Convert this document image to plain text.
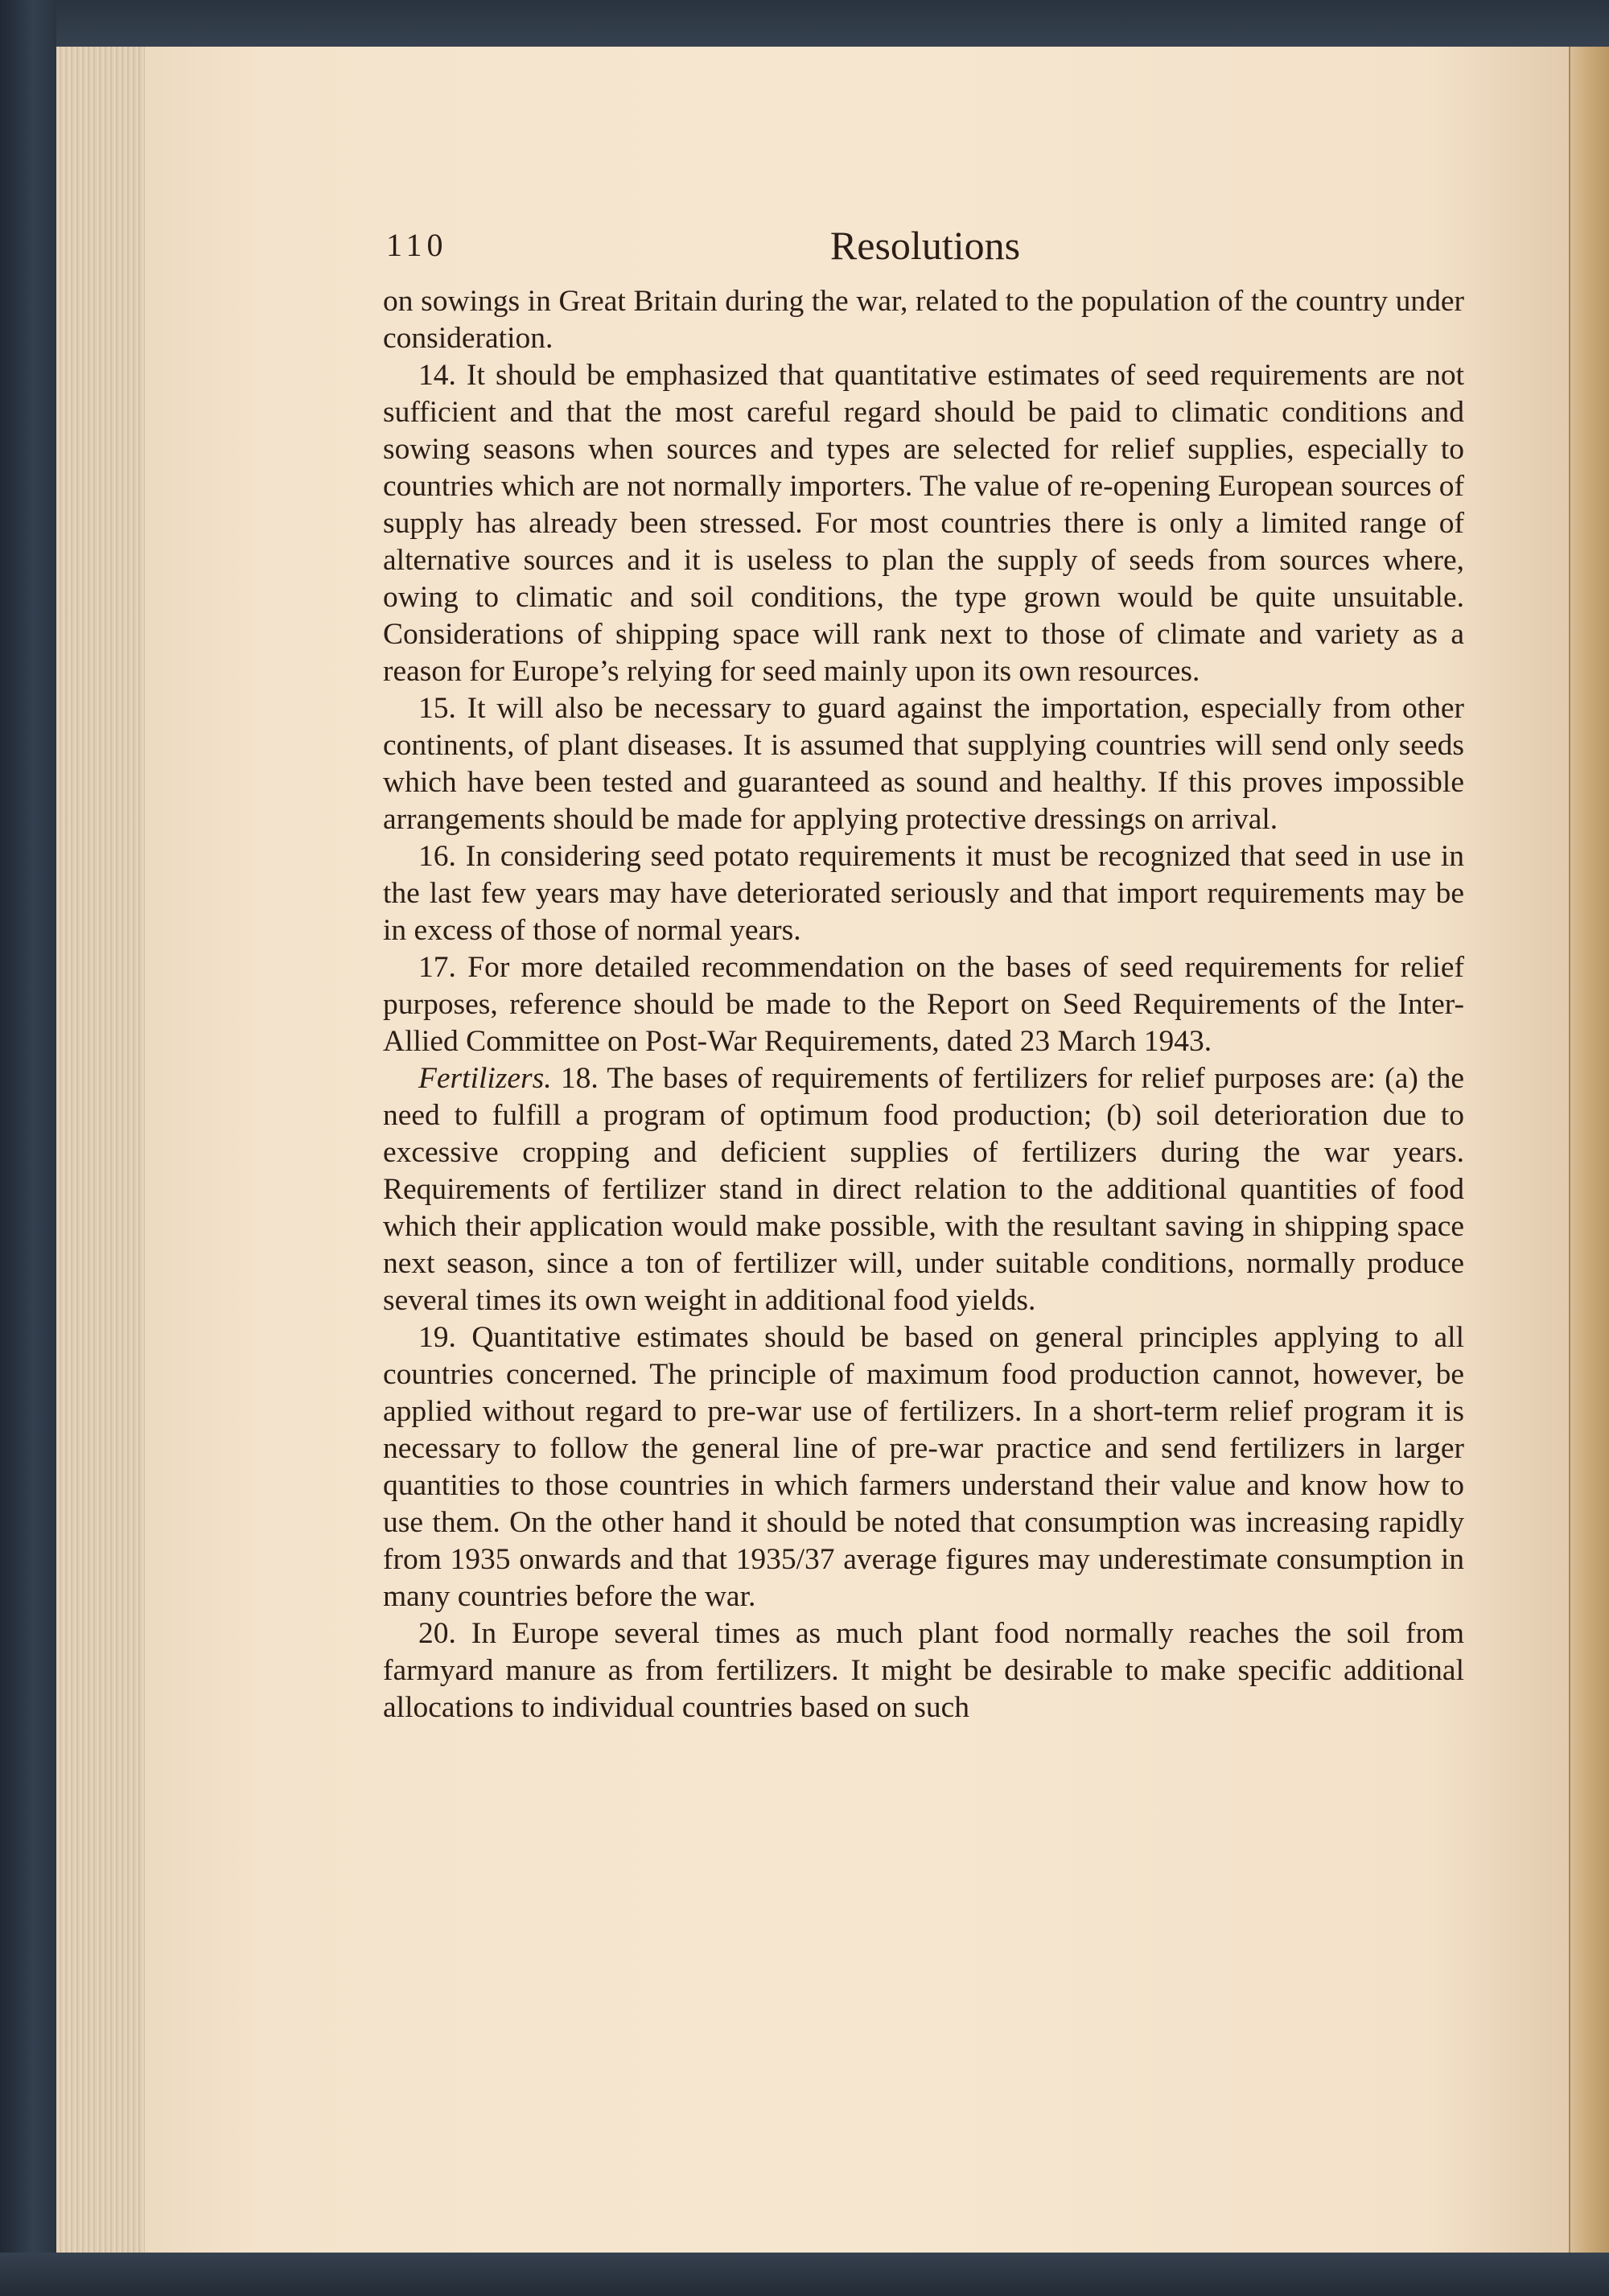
110	Resolutions

on sowings in Great Britain during the war, related to the population of the country under consideration.

14. It should be emphasized that quantitative estimates of seed requirements are not sufficient and that the most careful regard should be paid to climatic conditions and sowing seasons when sources and types are selected for relief supplies, especially to countries which are not normally importers. The value of re-opening European sources of supply has already been stressed. For most countries there is only a limited range of alternative sources and it is useless to plan the supply of seeds from sources where, owing to climatic and soil conditions, the type grown would be quite unsuitable. Considerations of shipping space will rank next to those of climate and variety as a reason for Europe’s relying for seed mainly upon its own resources.

15. It will also be necessary to guard against the importation, especially from other continents, of plant diseases. It is assumed that supplying countries will send only seeds which have been tested and guaranteed as sound and healthy. If this proves impossible arrangements should be made for applying protective dressings on arrival.

16. In considering seed potato requirements it must be recognized that seed in use in the last few years may have deteriorated seriously and that import requirements may be in excess of those of normal years.

17. For more detailed recommendation on the bases of seed requirements for relief purposes, reference should be made to the Report on Seed Requirements of the Inter-Allied Committee on Post-War Requirements, dated 23 March 1943.

Fertilizers. 18. The bases of requirements of fertilizers for relief purposes are: (a) the need to fulfill a program of optimum food production; (b) soil deterioration due to excessive cropping and deficient supplies of fertilizers during the war years. Requirements of fertilizer stand in direct relation to the additional quantities of food which their application would make possible, with the resultant saving in shipping space next season, since a ton of fertilizer will, under suitable conditions, normally produce several times its own weight in additional food yields.

19. Quantitative estimates should be based on general principles applying to all countries concerned. The principle of maximum food production cannot, however, be applied without regard to pre-war use of fertilizers. In a short-term relief program it is necessary to follow the general line of pre-war practice and send fertilizers in larger quantities to those countries in which farmers understand their value and know how to use them. On the other hand it should be noted that consumption was increasing rapidly from 1935 onwards and that 1935/37 average figures may underestimate consumption in many countries before the war.

20. In Europe several times as much plant food normally reaches the soil from farmyard manure as from fertilizers. It might be desirable to make specific additional allocations to individual countries based on such
